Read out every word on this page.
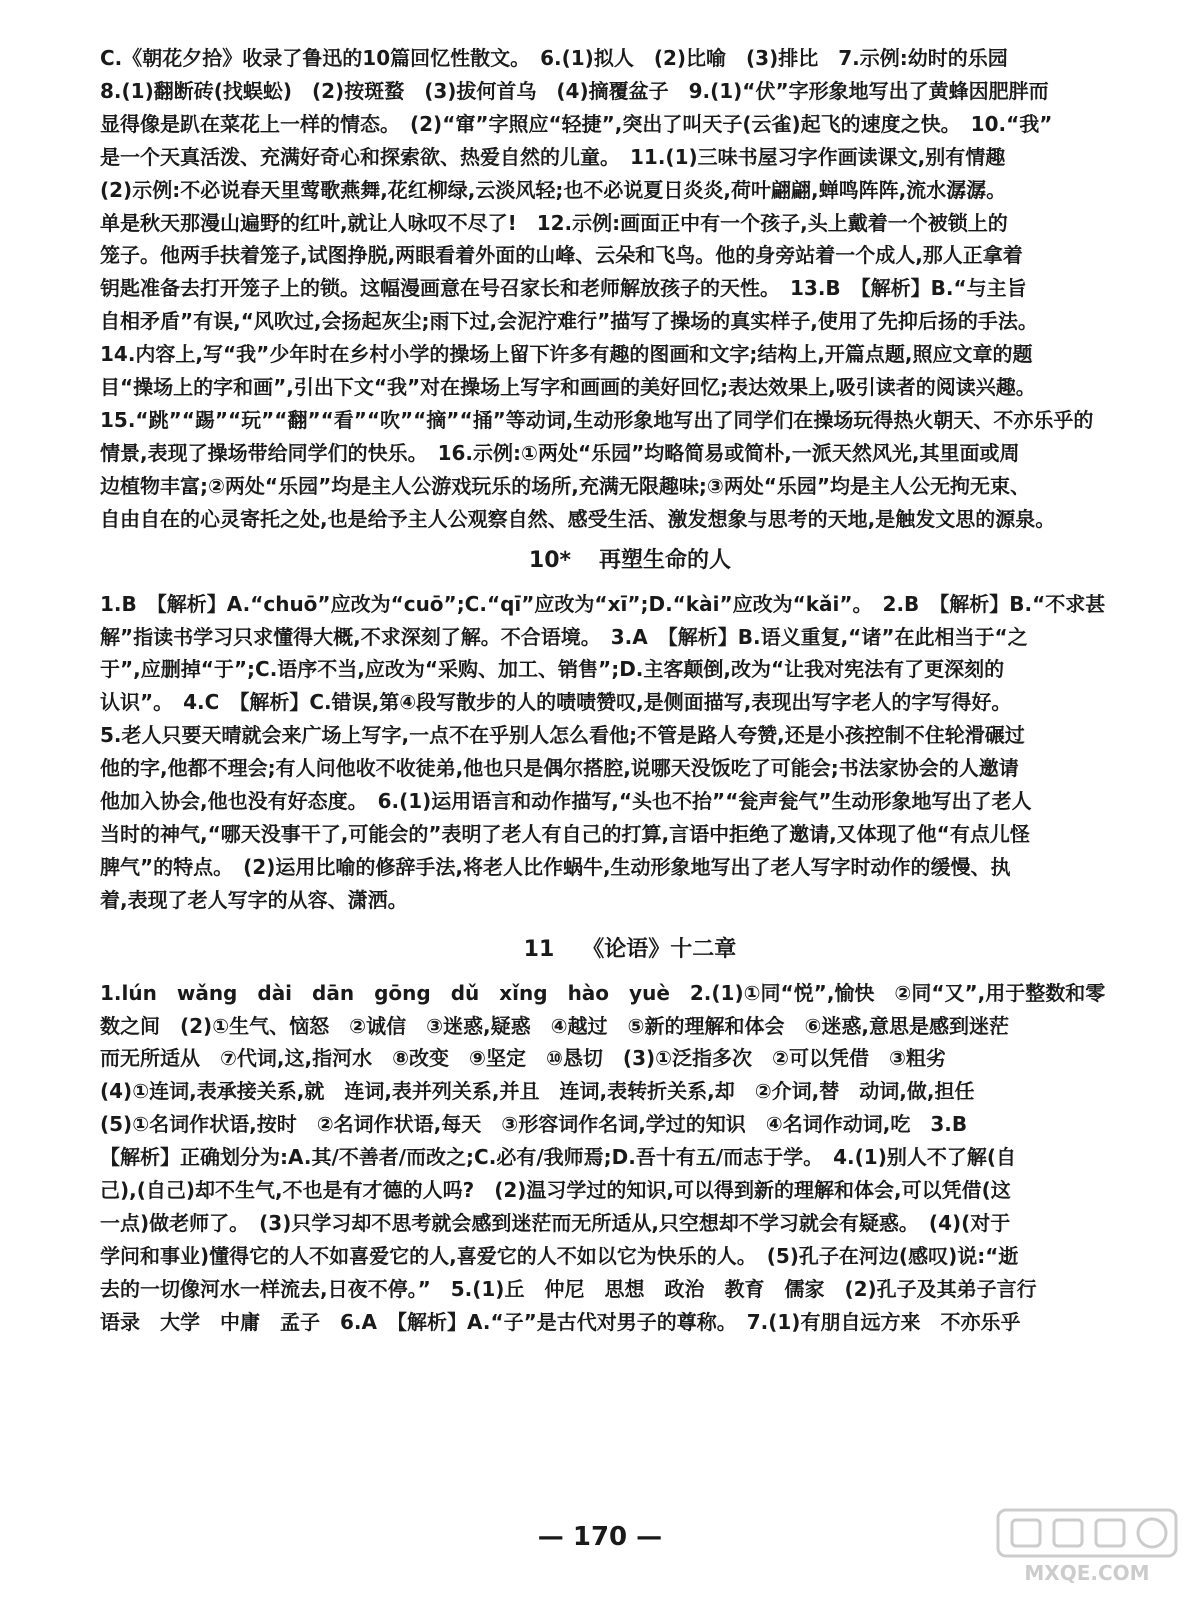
C.《朝花夕拾》收录了鲁迅的10篇回忆性散文。　6.(1)拟人　(2)比喻　(3)排比　7.示例:幼时的乐园
8.(1)翻断砖(找蜈蚣)　(2)按斑蝥　(3)拔何首乌　(4)摘覆盆子　9.(1)“伏”字形象地写出了黄蜂因肥胖而
显得像是趴在菜花上一样的情态。　(2)“窜”字照应“轻捷”,突出了叫天子(云雀)起飞的速度之快。　10.“我”
是一个天真活泼、充满好奇心和探索欲、热爱自然的儿童。　11.(1)三味书屋习字作画读课文,别有情趣
(2)示例:不必说春天里莺歌燕舞,花红柳绿,云淡风轻;也不必说夏日炎炎,荷叶翩翩,蝉鸣阵阵,流水潺潺。
单是秋天那漫山遍野的红叶,就让人咏叹不尽了!　12.示例:画面正中有一个孩子,头上戴着一个被锁上的
笼子。他两手扶着笼子,试图挣脱,两眼看着外面的山峰、云朵和飞鸟。他的身旁站着一个成人,那人正拿着
钥匙准备去打开笼子上的锁。这幅漫画意在号召家长和老师解放孩子的天性。　13.B　【解析】B.“与主旨
自相矛盾”有误,“风吹过,会扬起灰尘;雨下过,会泥泞难行”描写了操场的真实样子,使用了先抑后扬的手法。
14.内容上,写“我”少年时在乡村小学的操场上留下许多有趣的图画和文字;结构上,开篇点题,照应文章的题
目“操场上的字和画”,引出下文“我”对在操场上写字和画画的美好回忆;表达效果上,吸引读者的阅读兴趣。
15.“跳”“踢”“玩”“翻”“看”“吹”“摘”“捅”等动词,生动形象地写出了同学们在操场玩得热火朝天、不亦乐乎的
情景,表现了操场带给同学们的快乐。　16.示例:①两处“乐园”均略简易或简朴,一派天然风光,其里面或周
边植物丰富;②两处“乐园”均是主人公游戏玩乐的场所,充满无限趣味;③两处“乐园”均是主人公无拘无束、
自由自在的心灵寄托之处,也是给予主人公观察自然、感受生活、激发想象与思考的天地,是触发文思的源泉。
10* 再塑生命的人
1.B　【解析】A.“chuō”应改为“cuō”;C.“qī”应改为“xī”;D.“kài”应改为“kǎi”。　2.B　【解析】B.“不求甚
解”指读书学习只求懂得大概,不求深刻了解。不合语境。　3.A　【解析】B.语义重复,“诸”在此相当于“之
于”,应删掉“于”;C.语序不当,应改为“采购、加工、销售”;D.主客颠倒,改为“让我对宪法有了更深刻的
认识”。　4.C　【解析】C.错误,第④段写散步的人的啧啧赞叹,是侧面描写,表现出写字老人的字写得好。
5.老人只要天晴就会来广场上写字,一点不在乎别人怎么看他;不管是路人夸赞,还是小孩控制不住轮滑碾过
他的字,他都不理会;有人问他收不收徒弟,他也只是偶尔搭腔,说哪天没饭吃了可能会;书法家协会的人邀请
他加入协会,他也没有好态度。　6.(1)运用语言和动作描写,“头也不抬”“瓮声瓮气”生动形象地写出了老人
当时的神气,“哪天没事干了,可能会的”表明了老人有自己的打算,言语中拒绝了邀请,又体现了他“有点儿怪
脾气”的特点。　(2)运用比喻的修辞手法,将老人比作蜗牛,生动形象地写出了老人写字时动作的缓慢、执
着,表现了老人写字的从容、潇洒。
11 《论语》十二章
1.lún　wǎng　dài　dān　gōng　dǔ　xǐng　hào　yuè　2.(1)①同“悦”,愉快　②同“又”,用于整数和零
数之间　(2)①生气、恼怒　②诚信　③迷惑,疑惑　④越过　⑤新的理解和体会　⑥迷惑,意思是感到迷茫
而无所适从　⑦代词,这,指河水　⑧改变　⑨坚定　⑩恳切　(3)①泛指多次　②可以凭借　③粗劣
(4)①连词,表承接关系,就　连词,表并列关系,并且　连词,表转折关系,却　②介词,替　动词,做,担任
(5)①名词作状语,按时　②名词作状语,每天　③形容词作名词,学过的知识　④名词作动词,吃　3.B
【解析】正确划分为:A.其/不善者/而改之;C.必有/我师焉;D.吾十有五/而志于学。　4.(1)别人不了解(自
己),(自己)却不生气,不也是有才德的人吗?　(2)温习学过的知识,可以得到新的理解和体会,可以凭借(这
一点)做老师了。　(3)只学习却不思考就会感到迷茫而无所适从,只空想却不学习就会有疑惑。　(4)(对于
学问和事业)懂得它的人不如喜爱它的人,喜爱它的人不如以它为快乐的人。　(5)孔子在河边(感叹)说:“逝
去的一切像河水一样流去,日夜不停。”　5.(1)丘　仲尼　思想　政治　教育　儒家　(2)孔子及其弟子言行
语录　大学　中庸　孟子　6.A　【解析】A.“子”是古代对男子的尊称。　7.(1)有朋自远方来　不亦乐乎
— 170 —
MXQE.COM
